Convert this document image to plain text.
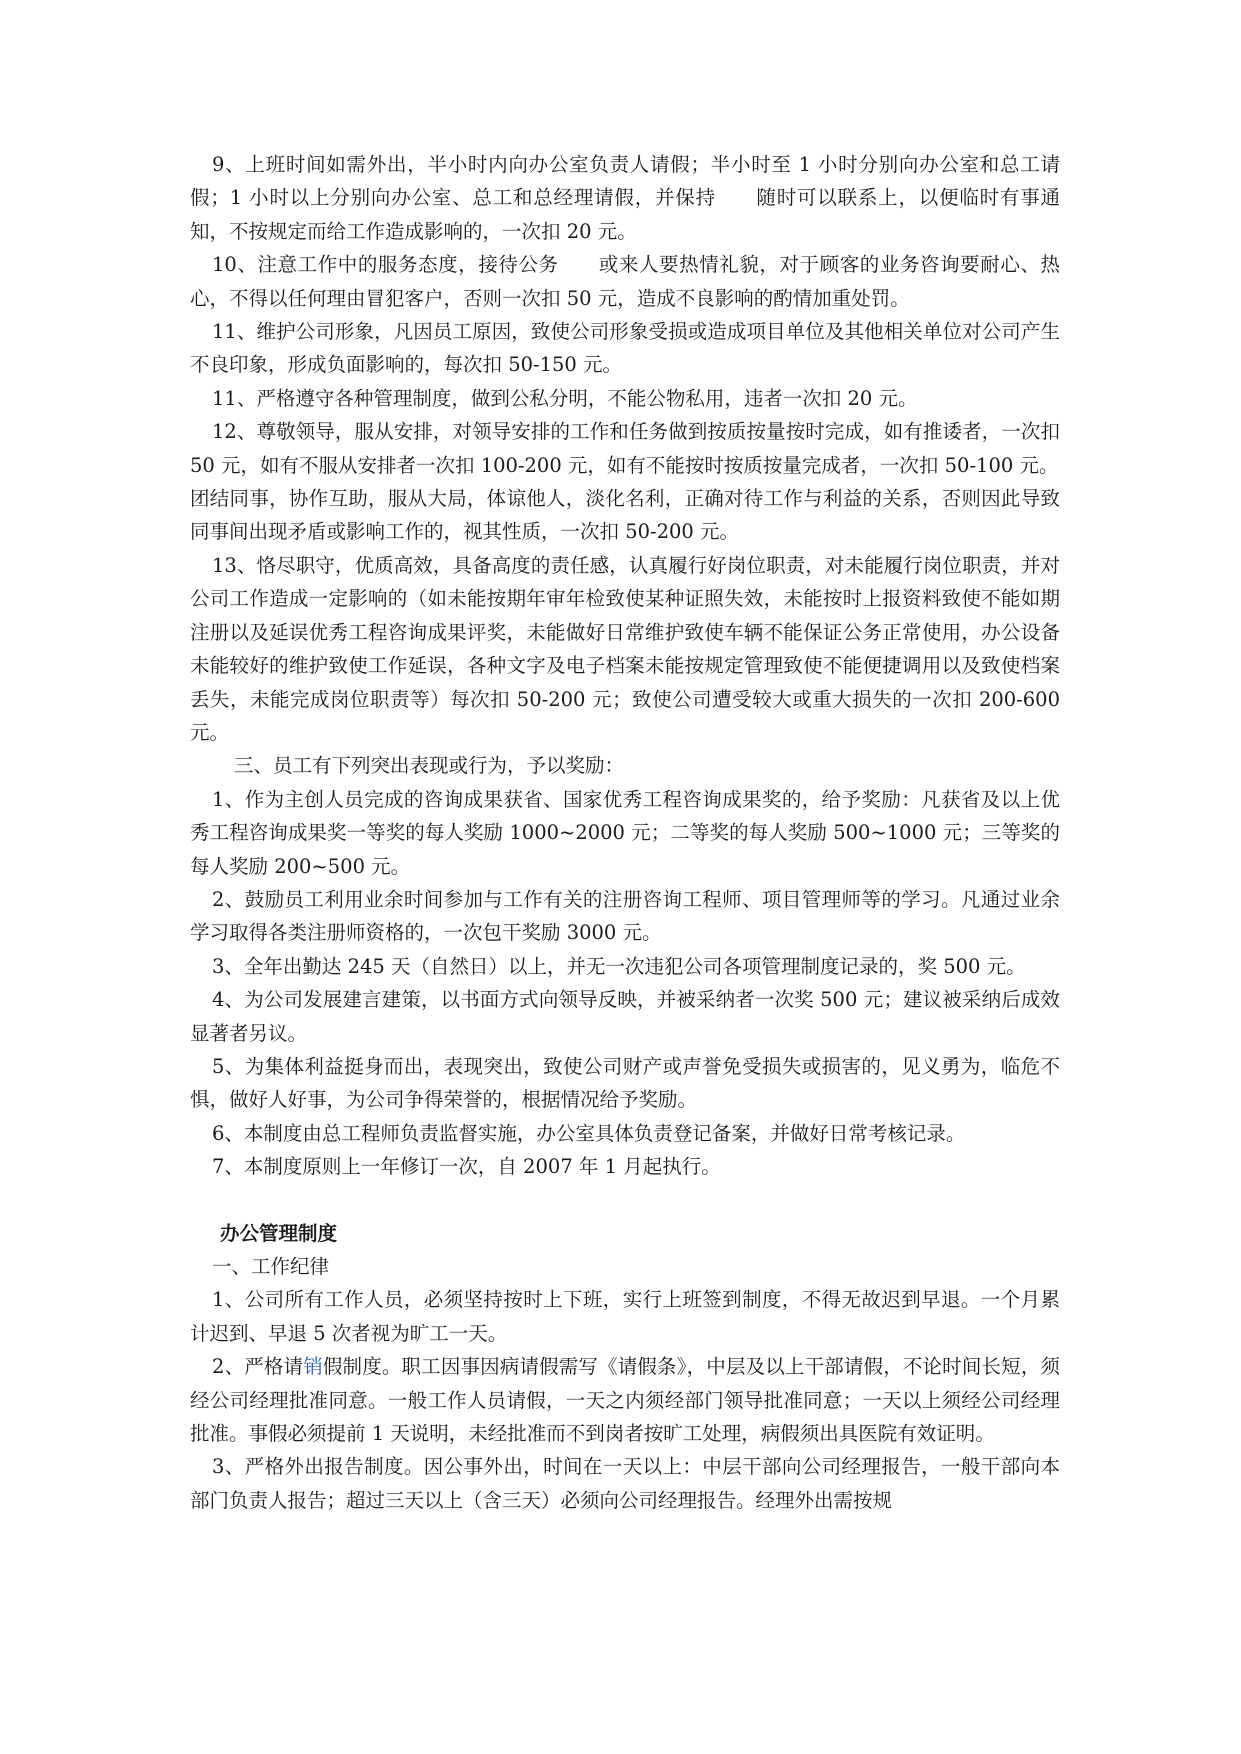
9、上班时间如需外出，半小时内向办公室负责人请假；半小时至 1 小时分别向办公室和总工请假；1 小时以上分别向办公室、总工和总经理请假，并保持　　随时可以联系上，以便临时有事通知，不按规定而给工作造成影响的，一次扣 20 元。

10、注意工作中的服务态度，接待公务　　或来人要热情礼貌，对于顾客的业务咨询要耐心、热心，不得以任何理由冒犯客户，否则一次扣 50 元，造成不良影响的酌情加重处罚。

11、维护公司形象，凡因员工原因，致使公司形象受损或造成项目单位及其他相关单位对公司产生不良印象，形成负面影响的，每次扣 50-150 元。

11、严格遵守各种管理制度，做到公私分明，不能公物私用，违者一次扣 20 元。

12、尊敬领导，服从安排，对领导安排的工作和任务做到按质按量按时完成，如有推诿者，一次扣 50 元，如有不服从安排者一次扣 100-200 元，如有不能按时按质按量完成者，一次扣 50-100 元。

团结同事，协作互助，服从大局，体谅他人，淡化名利，正确对待工作与利益的关系，否则因此导致同事间出现矛盾或影响工作的，视其性质，一次扣 50-200 元。

13、恪尽职守，优质高效，具备高度的责任感，认真履行好岗位职责，对未能履行岗位职责，并对公司工作造成一定影响的（如未能按期年审年检致使某种证照失效，未能按时上报资料致使不能如期注册以及延误优秀工程咨询成果评奖，未能做好日常维护致使车辆不能保证公务正常使用，办公设备未能较好的维护致使工作延误，各种文字及电子档案未能按规定管理致使不能便捷调用以及致使档案丢失，未能完成岗位职责等）每次扣 50-200 元；致使公司遭受较大或重大损失的一次扣 200-600 元。

三、员工有下列突出表现或行为，予以奖励：

1、作为主创人员完成的咨询成果获省、国家优秀工程咨询成果奖的，给予奖励：凡获省及以上优秀工程咨询成果奖一等奖的每人奖励 1000~2000 元；二等奖的每人奖励 500~1000 元；三等奖的每人奖励 200~500 元。

2、鼓励员工利用业余时间参加与工作有关的注册咨询工程师、项目管理师等的学习。凡通过业余学习取得各类注册师资格的，一次包干奖励 3000 元。

3、全年出勤达 245 天（自然日）以上，并无一次违犯公司各项管理制度记录的，奖 500 元。

4、为公司发展建言建策，以书面方式向领导反映，并被采纳者一次奖 500 元；建议被采纳后成效显著者另议。

5、为集体利益挺身而出，表现突出，致使公司财产或声誉免受损失或损害的，见义勇为，临危不惧，做好人好事，为公司争得荣誉的，根据情况给予奖励。

6、本制度由总工程师负责监督实施，办公室具体负责登记备案，并做好日常考核记录。

7、本制度原则上一年修订一次，自 2007 年 1 月起执行。

办公管理制度

一、工作纪律

1、公司所有工作人员，必须坚持按时上下班，实行上班签到制度，不得无故迟到早退。一个月累计迟到、早退 5 次者视为旷工一天。

2、严格请销假制度。职工因事因病请假需写《请假条》，中层及以上干部请假，不论时间长短，须经公司经理批准同意。一般工作人员请假，一天之内须经部门领导批准同意；一天以上须经公司经理批准。事假必须提前 1 天说明，未经批准而不到岗者按旷工处理，病假须出具医院有效证明。

3、严格外出报告制度。因公事外出，时间在一天以上：中层干部向公司经理报告，一般干部向本部门负责人报告；超过三天以上（含三天）必须向公司经理报告。经理外出需按规
